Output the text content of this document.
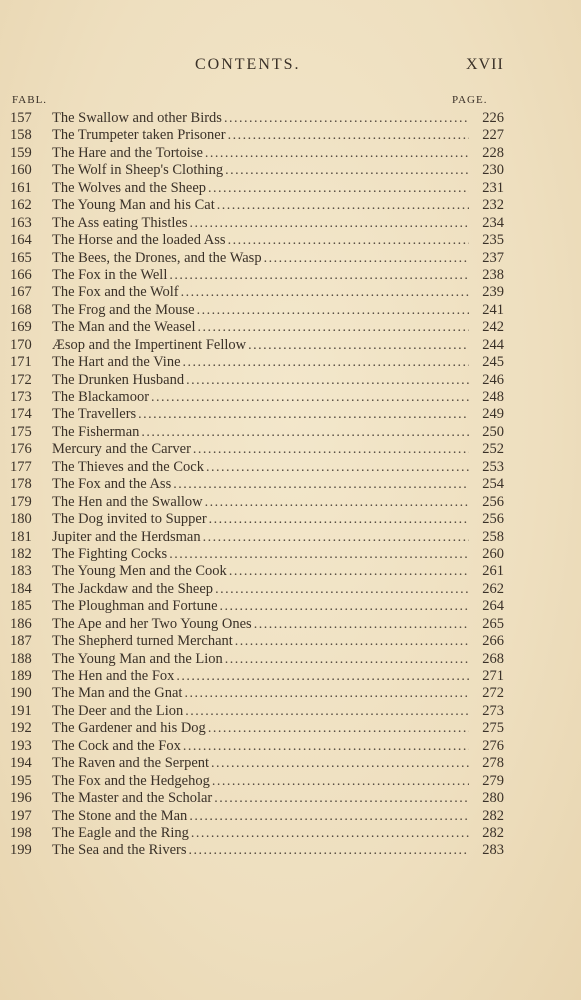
CONTENTS.	XVII
FABL.	PAGE.
157	The Swallow and other Birds . . .	226
158	The Trumpeter taken Prisoner . . .	227
159	The Hare and the Tortoise . . .	228
160	The Wolf in Sheep's Clothing . . .	230
161	The Wolves and the Sheep . . .	231
162	The Young Man and his Cat . . .	232
163	The Ass eating Thistles . . .	234
164	The Horse and the loaded Ass . . .	235
165	The Bees, the Drones, and the Wasp . . .	237
166	The Fox in the Well . . .	238
167	The Fox and the Wolf . . .	239
168	The Frog and the Mouse . . .	241
169	The Man and the Weasel . . .	242
170	Æsop and the Impertinent Fellow . . .	244
171	The Hart and the Vine . . .	245
172	The Drunken Husband . . .	246
173	The Blackamoor . . .	248
174	The Travellers . . .	249
175	The Fisherman . . .	250
176	Mercury and the Carver . . .	252
177	The Thieves and the Cock . . .	253
178	The Fox and the Ass . . .	254
179	The Hen and the Swallow . . .	256
180	The Dog invited to Supper . . .	256
181	Jupiter and the Herdsman . . .	258
182	The Fighting Cocks . . .	260
183	The Young Men and the Cook . . .	261
184	The Jackdaw and the Sheep . . .	262
185	The Ploughman and Fortune . . .	264
186	The Ape and her Two Young Ones . . .	265
187	The Shepherd turned Merchant . . .	266
188	The Young Man and the Lion . . .	268
189	The Hen and the Fox . . .	271
190	The Man and the Gnat . . .	272
191	The Deer and the Lion . . .	273
192	The Gardener and his Dog . . .	275
193	The Cock and the Fox . . .	276
194	The Raven and the Serpent . . .	278
195	The Fox and the Hedgehog . . .	279
196	The Master and the Scholar . . .	280
197	The Stone and the Man . . .	282
198	The Eagle and the Ring . . .	282
199	The Sea and the Rivers . . .	283
